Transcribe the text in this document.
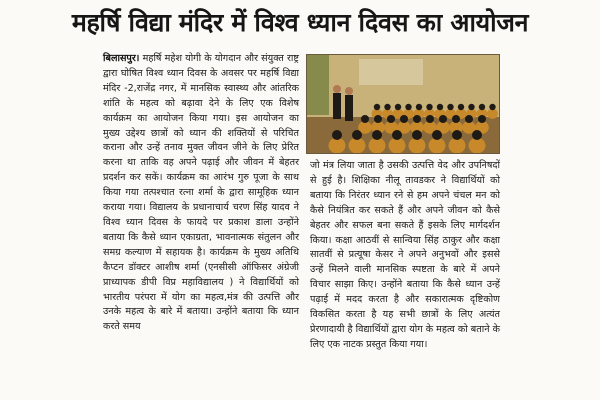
महर्षि विद्या मंदिर में विश्व ध्यान दिवस का आयोजन
बिलासपुर। महर्षि महेश योगी के योगदान और संयुक्त राष्ट्र द्वारा घोषित विश्व ध्यान दिवस के अवसर पर महर्षि विद्या मंदिर -2,राजेंद्र नगर, में मानसिक स्वास्थ्य और आंतरिक शांति के महत्व को बढ़ावा देने के लिए एक विशेष कार्यक्रम का आयोजन किया गया। इस आयोजन का मुख्य उद्देश्य छात्रों को ध्यान की शक्तियों से परिचित कराना और उन्हें तनाव मुक्त जीवन जीने के लिए प्रेरित करना था ताकि वह अपने पढ़ाई और जीवन में बेहतर प्रदर्शन कर सकें। कार्यक्रम का आरंभ गुरु पूजा के साथ किया गया तत्पश्चात रत्ना शर्मा के द्वारा सामूहिक ध्यान कराया गया। विद्यालय के प्रधानाचार्य चरण सिंह यादव ने विश्व ध्यान दिवस के फायदे पर प्रकाश डाला उन्होंने बताया कि कैसे ध्यान एकाग्रता, भावनात्मक संतुलन और समग्र कल्याण में सहायक है। कार्यक्रम के मुख्य अतिथि कैप्टन डॉक्टर आशीष शर्मा (एनसीसी ऑफिसर अंग्रेजी प्राध्यापक डीपी विप्र महाविद्यालय ) ने विद्यार्थियों को भारतीय परंपरा में योग का महत्व,मंत्र की उत्पत्ति और उनके महत्व के बारे में बताया। उन्होंने बताया कि ध्यान करते समय
जो मंत्र लिया जाता है उसकी उत्पत्ति वेद और उपनिषदों से हुई है। शिक्षिका नीलू तावडकर ने विद्यार्थियों को बताया कि निरंतर ध्यान रने से हम अपने चंचल मन को कैसे नियंत्रित कर सकते हैं और अपने जीवन को कैसे बेहतर और सफल बना सकते हैं इसके लिए मार्गदर्शन किया। कक्षा आठवीं से सान्विया सिंह ठाकुर और कक्षा सातवीं से प्रत्यूषा केसर ने अपने अनुभवों और इससे उन्हें मिलने वाली मानसिक स्पष्टता के बारे में अपने विचार साझा किए। उन्होंने बताया कि कैसे ध्यान उन्हें पढ़ाई में मदद करता है और सकारात्मक दृष्टिकोण विकसित करता है यह सभी छात्रों के लिए अत्यंत प्रेरणादायी है विद्यार्थियों द्वारा योग के महत्व को बताने के लिए एक नाटक प्रस्तुत किया गया।
